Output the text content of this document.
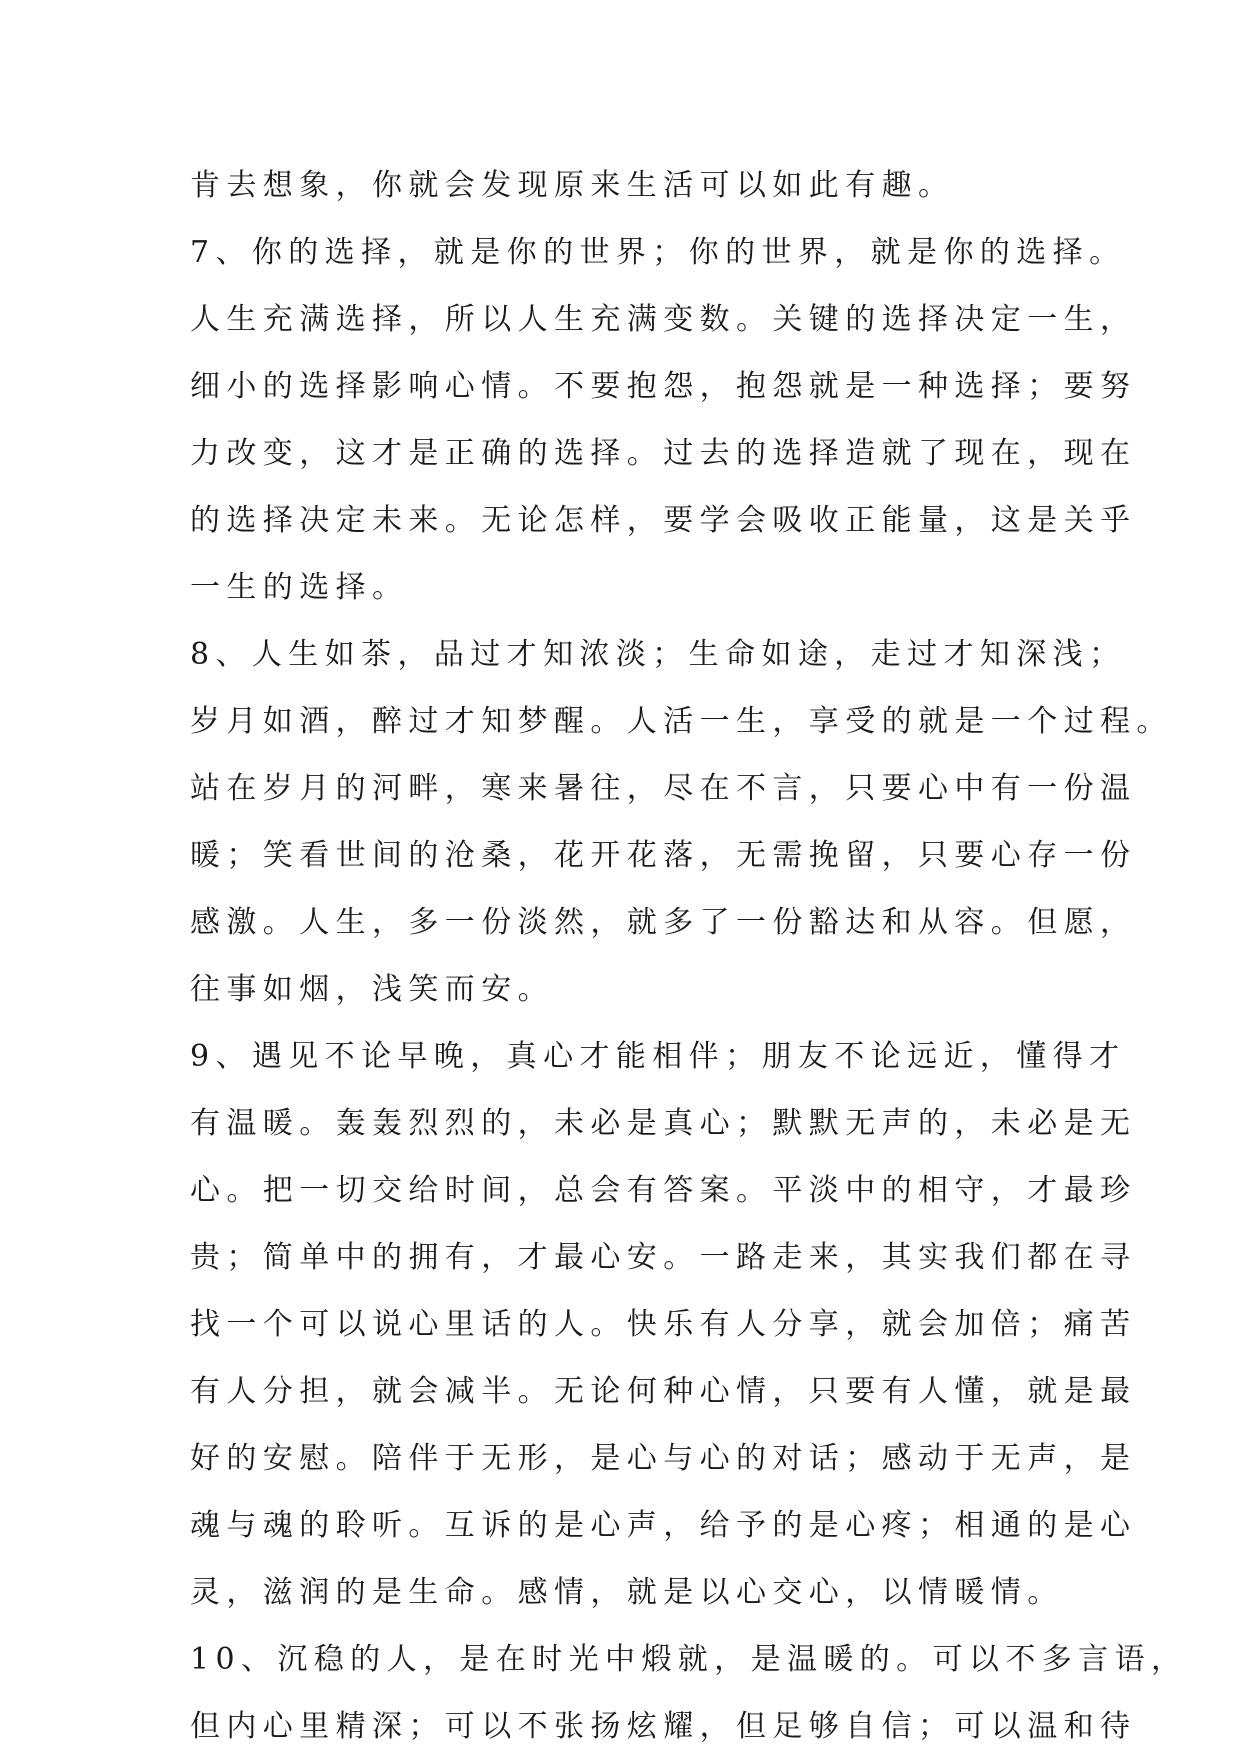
肯去想象，你就会发现原来生活可以如此有趣。
7、你的选择，就是你的世界；你的世界，就是你的选择。
人生充满选择，所以人生充满变数。关键的选择决定一生，
细小的选择影响心情。不要抱怨，抱怨就是一种选择；要努
力改变，这才是正确的选择。过去的选择造就了现在，现在
的选择决定未来。无论怎样，要学会吸收正能量，这是关乎
一生的选择。
8、人生如茶，品过才知浓淡；生命如途，走过才知深浅；
岁月如酒，醉过才知梦醒。人活一生，享受的就是一个过程。
站在岁月的河畔，寒来暑往，尽在不言，只要心中有一份温
暖；笑看世间的沧桑，花开花落，无需挽留，只要心存一份
感激。人生，多一份淡然，就多了一份豁达和从容。但愿，
往事如烟，浅笑而安。
9、遇见不论早晚，真心才能相伴；朋友不论远近，懂得才
有温暖。轰轰烈烈的，未必是真心；默默无声的，未必是无
心。把一切交给时间，总会有答案。平淡中的相守，才最珍
贵；简单中的拥有，才最心安。一路走来，其实我们都在寻
找一个可以说心里话的人。快乐有人分享，就会加倍；痛苦
有人分担，就会减半。无论何种心情，只要有人懂，就是最
好的安慰。陪伴于无形，是心与心的对话；感动于无声，是
魂与魂的聆听。互诉的是心声，给予的是心疼；相通的是心
灵，滋润的是生命。感情，就是以心交心，以情暖情。
10、沉稳的人，是在时光中煅就，是温暖的。可以不多言语，
但内心里精深；可以不张扬炫耀，但足够自信；可以温和待
